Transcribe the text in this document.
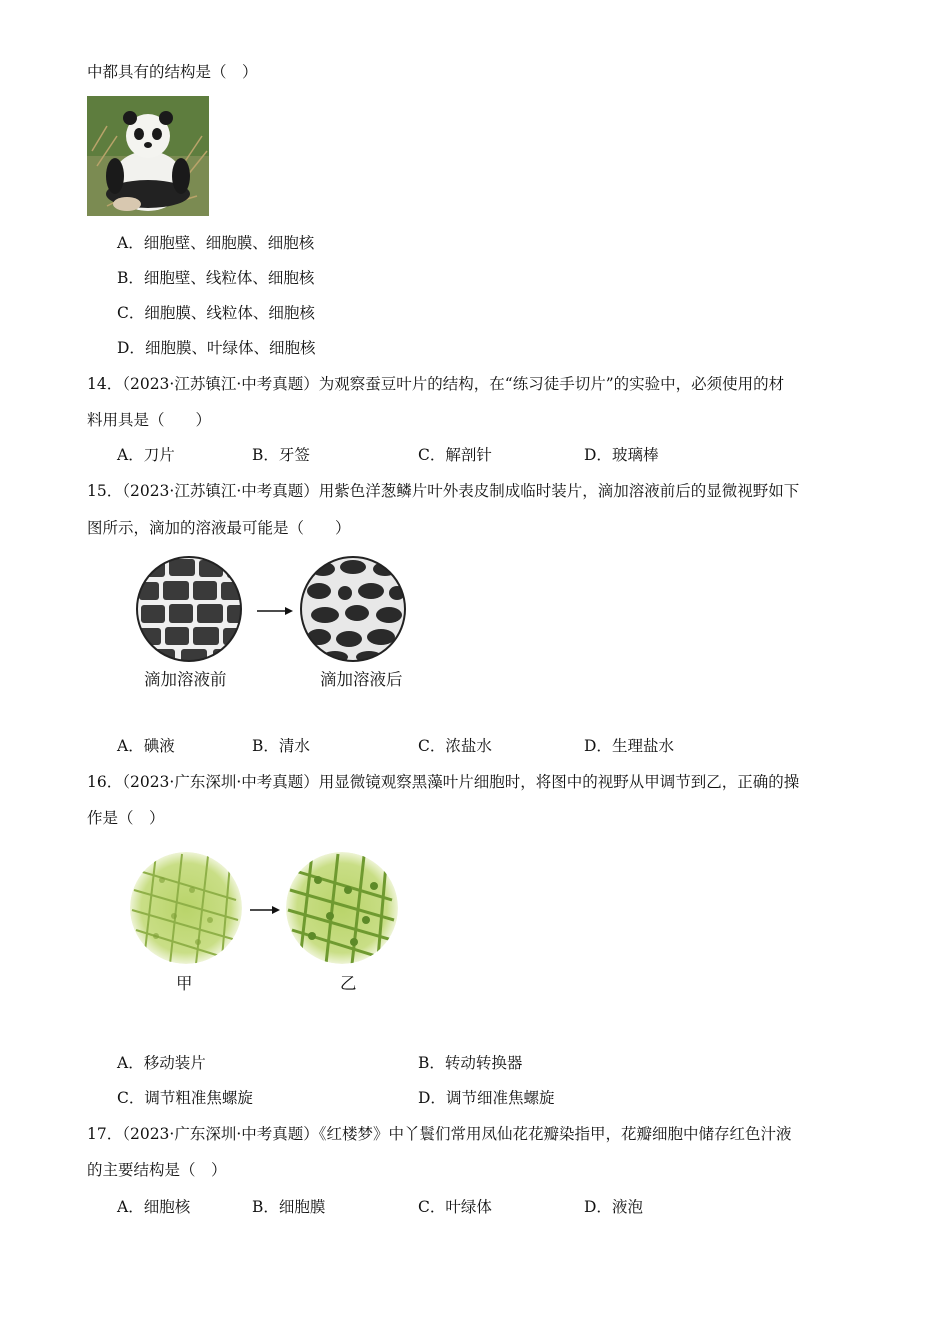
中都具有的结构是（　）
A．细胞壁、细胞膜、细胞核
B．细胞壁、线粒体、细胞核
C．细胞膜、线粒体、细胞核
D．细胞膜、叶绿体、细胞核
14．（2023·江苏镇江·中考真题）为观察蚕豆叶片的结构，在“练习徒手切片”的实验中，必须使用的材
料用具是（　　）
A．刀片	B．牙签	C．解剖针	D．玻璃棒
15．（2023·江苏镇江·中考真题）用紫色洋葱鳞片叶外表皮制成临时装片，滴加溶液前后的显微视野如下
图所示，滴加的溶液最可能是（　　）
滴加溶液前	滴加溶液后
A．碘液	B．清水	C．浓盐水	D．生理盐水
16．（2023·广东深圳·中考真题）用显微镜观察黑藻叶片细胞时，将图中的视野从甲调节到乙，正确的操
作是（　）
甲	乙
A．移动装片	B．转动转换器
C．调节粗准焦螺旋	D．调节细准焦螺旋
17．（2023·广东深圳·中考真题）《红楼梦》中丫鬟们常用凤仙花花瓣染指甲，花瓣细胞中储存红色汁液
的主要结构是（　）
A．细胞核	B．细胞膜	C．叶绿体	D．液泡
